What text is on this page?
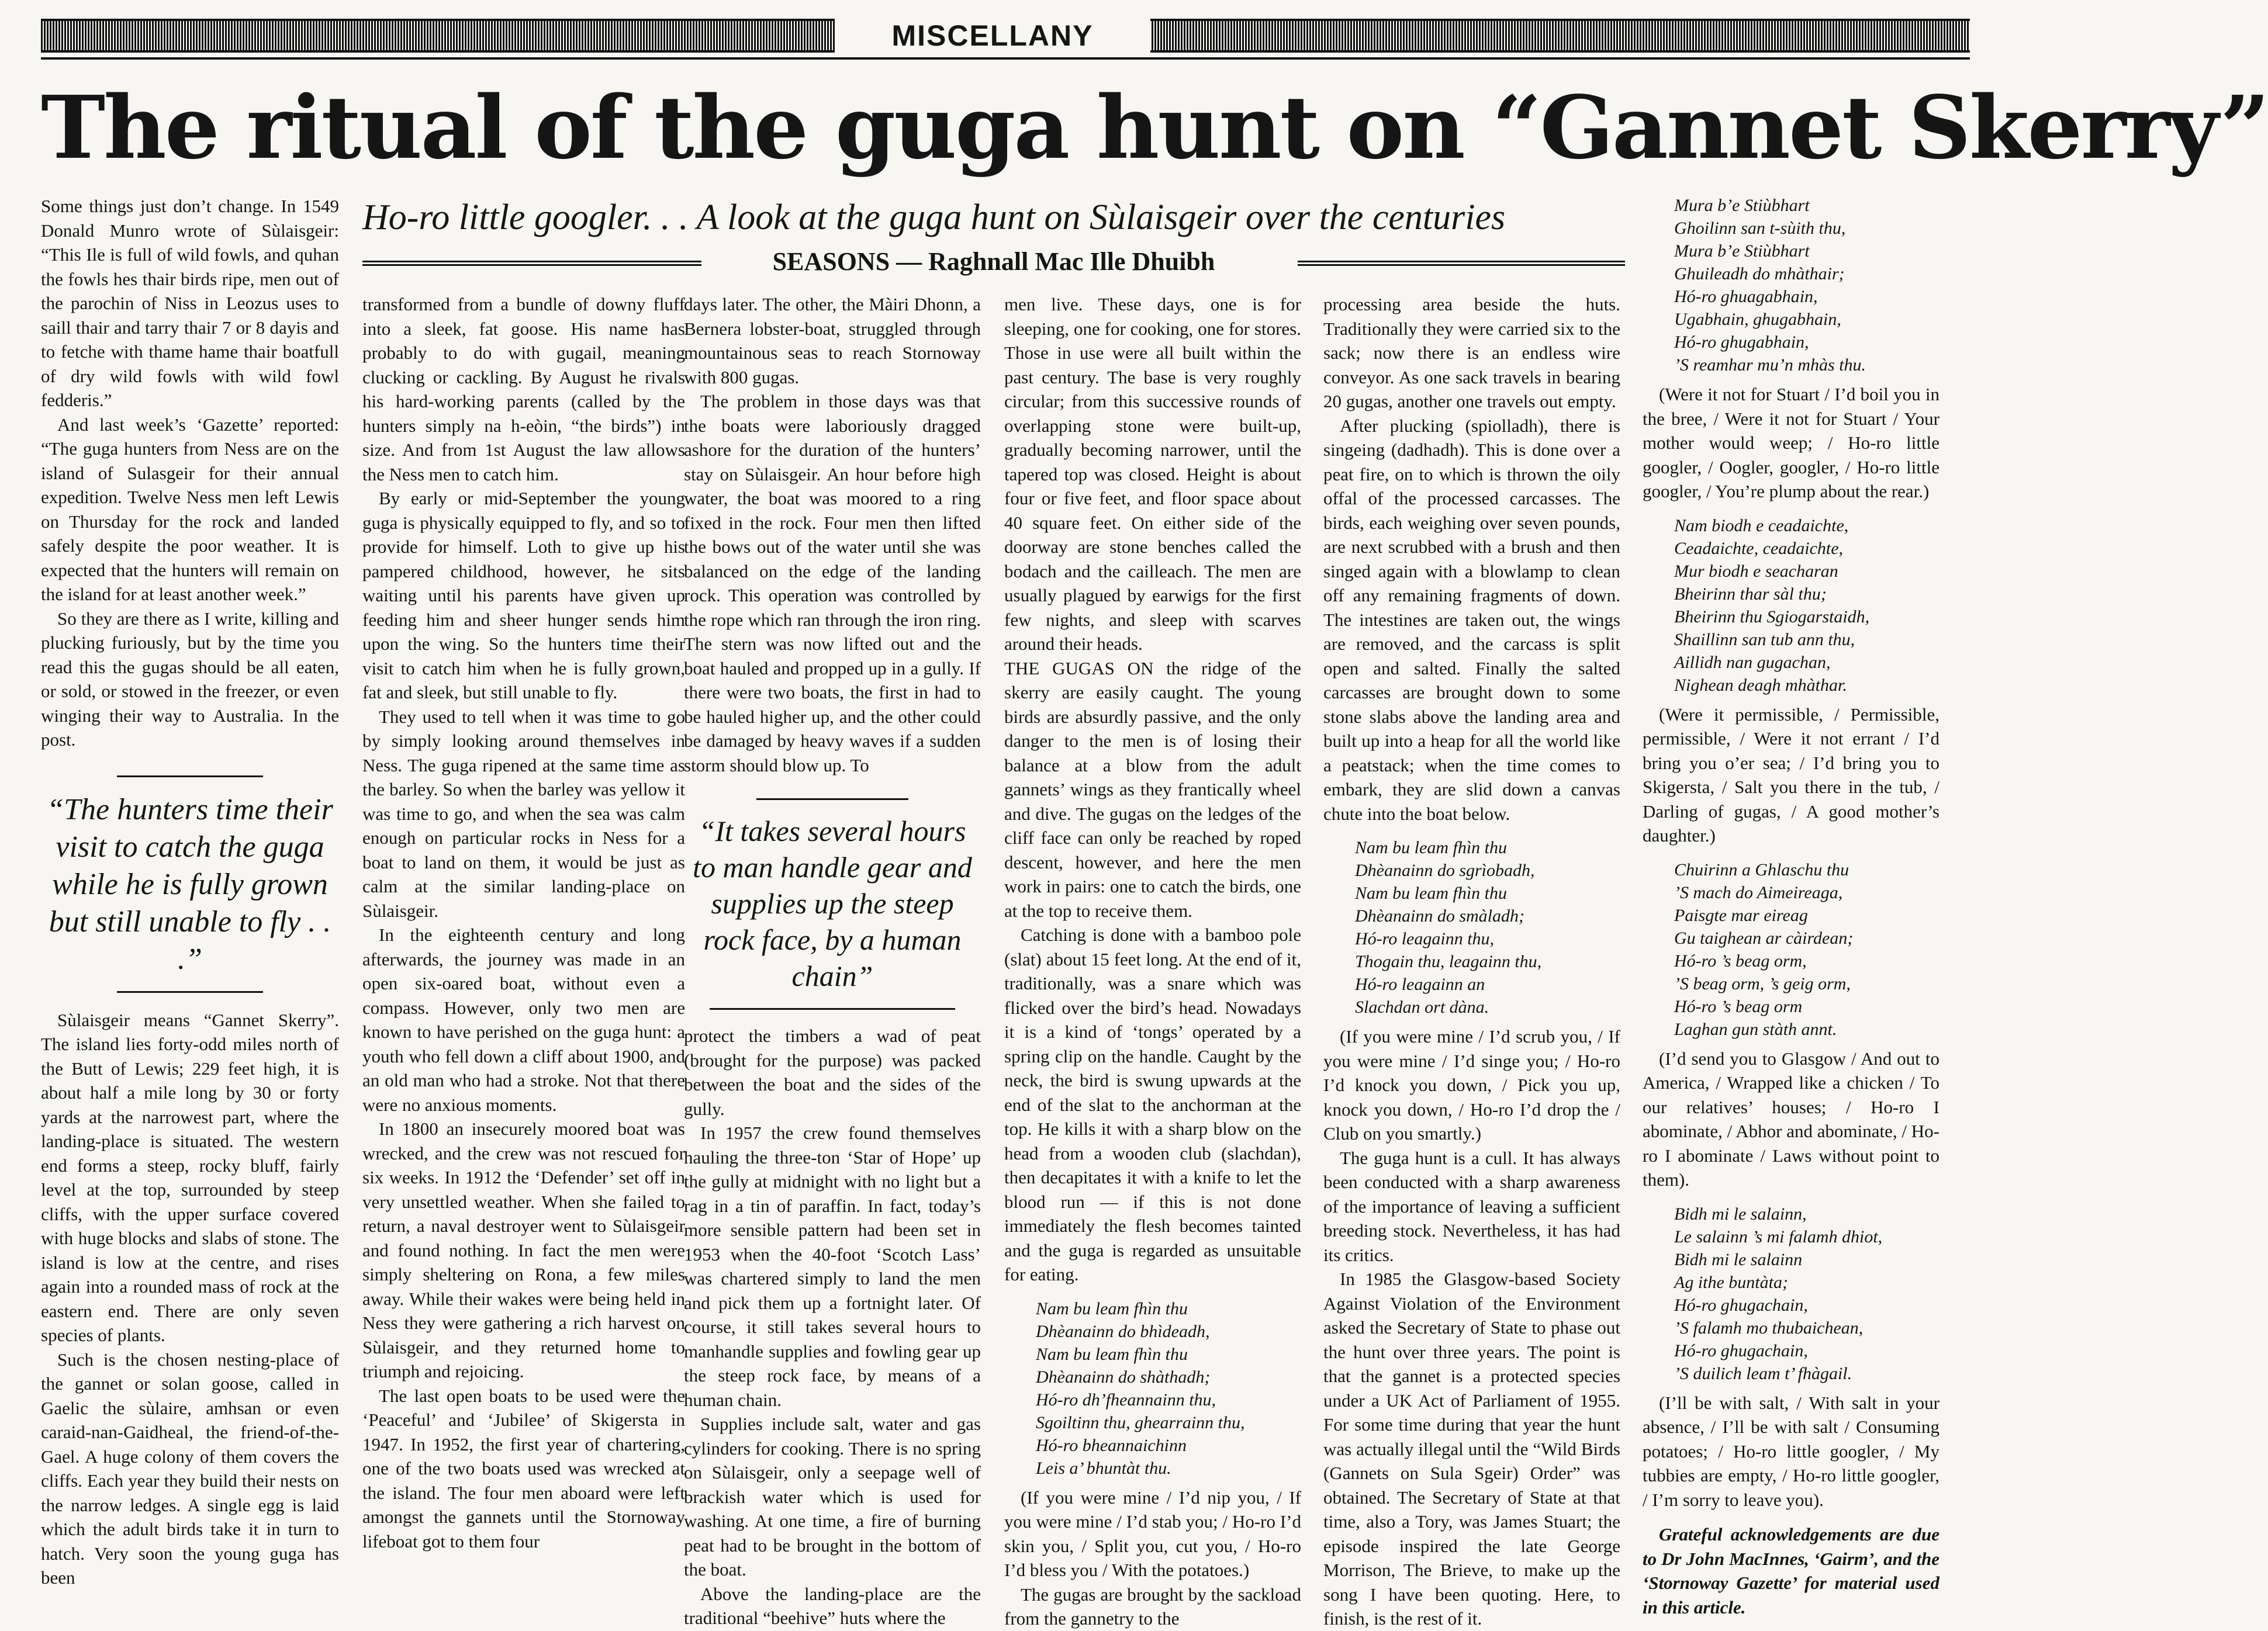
MISCELLANY
The ritual of the guga hunt on “Gannet Skerry”
Ho-ro little googler. . . A look at the guga hunt on Sùlaisgeir over the centuries
SEASONS — Raghnall Mac Ille Dhuibh

Some things just don’t change. In 1549 Donald Munro wrote of Sùlaisgeir: “This Ile is full of wild fowls, and quhan the fowls hes thair birds ripe, men out of the parochin of Niss in Leozus uses to saill thair and tarry thair 7 or 8 dayis and to fetche with thame hame thair boatfull of dry wild fowls with wild fowl fedderis.”

And last week’s ‘Gazette’ reported: “The guga hunters from Ness are on the island of Sulasgeir for their annual expedition. Twelve Ness men left Lewis on Thursday for the rock and landed safely despite the poor weather. It is expected that the hunters will remain on the island for at least another week.”

So they are there as I write, killing and plucking furiously, but by the time you read this the gugas should be all eaten, or sold, or stowed in the freezer, or even winging their way to Australia. In the post.

“The hunters time their visit to catch the guga while he is fully grown but still unable to fly . . .”

Sùlaisgeir means “Gannet Skerry”. The island lies forty-odd miles north of the Butt of Lewis; 229 feet high, it is about half a mile long by 30 or forty yards at the narrowest part, where the landing-place is situated. The western end forms a steep, rocky bluff, fairly level at the top, surrounded by steep cliffs, with the upper surface covered with huge blocks and slabs of stone. The island is low at the centre, and rises again into a rounded mass of rock at the eastern end. There are only seven species of plants.

Such is the chosen nesting-place of the gannet or solan goose, called in Gaelic the sùlaire, amhsan or even caraid-nan-Gaidheal, the friend-of-the-Gael. A huge colony of them covers the cliffs. Each year they build their nests on the narrow ledges. A single egg is laid which the adult birds take it in turn to hatch. Very soon the young guga has been

transformed from a bundle of downy fluff into a sleek, fat goose. His name has probably to do with gugail, meaning clucking or cackling. By August he rivals his hard-working parents (called by the hunters simply na h-eòin, “the birds”) in size. And from 1st August the law allows the Ness men to catch him.

By early or mid-September the young guga is physically equipped to fly, and so to provide for himself. Loth to give up his pampered childhood, however, he sits waiting until his parents have given up feeding him and sheer hunger sends him upon the wing. So the hunters time their visit to catch him when he is fully grown, fat and sleek, but still unable to fly.

They used to tell when it was time to go by simply looking around themselves in Ness. The guga ripened at the same time as the barley. So when the barley was yellow it was time to go, and when the sea was calm enough on particular rocks in Ness for a boat to land on them, it would be just as calm at the similar landing-place on Sùlaisgeir.

In the eighteenth century and long afterwards, the journey was made in an open six-oared boat, without even a compass. However, only two men are known to have perished on the guga hunt: a youth who fell down a cliff about 1900, and an old man who had a stroke. Not that there were no anxious moments.

In 1800 an insecurely moored boat was wrecked, and the crew was not rescued for six weeks. In 1912 the ‘Defender’ set off in very unsettled weather. When she failed to return, a naval destroyer went to Sùlaisgeir and found nothing. In fact the men were simply sheltering on Rona, a few miles away. While their wakes were being held in Ness they were gathering a rich harvest on Sùlaisgeir, and they returned home to triumph and rejoicing.

The last open boats to be used were the ‘Peaceful’ and ‘Jubilee’ of Skigersta in 1947. In 1952, the first year of chartering, one of the two boats used was wrecked at the island. The four men aboard were left amongst the gannets until the Stornoway lifeboat got to them four

days later. The other, the Màiri Dhonn, a Bernera lobster-boat, struggled through mountainous seas to reach Stornoway with 800 gugas.

The problem in those days was that the boats were laboriously dragged ashore for the duration of the hunters’ stay on Sùlaisgeir. An hour before high water, the boat was moored to a ring fixed in the rock. Four men then lifted the bows out of the water until she was balanced on the edge of the landing rock. This operation was controlled by the rope which ran through the iron ring. The stern was now lifted out and the boat hauled and propped up in a gully. If there were two boats, the first in had to be hauled higher up, and the other could be damaged by heavy waves if a sudden storm should blow up. To

“It takes several hours to man handle gear and supplies up the steep rock face, by a human chain”

protect the timbers a wad of peat (brought for the purpose) was packed between the boat and the sides of the gully.

In 1957 the crew found themselves hauling the three-ton ‘Star of Hope’ up the gully at midnight with no light but a rag in a tin of paraffin. In fact, today’s more sensible pattern had been set in 1953 when the 40-foot ‘Scotch Lass’ was chartered simply to land the men and pick them up a fortnight later. Of course, it still takes several hours to manhandle supplies and fowling gear up the steep rock face, by means of a human chain.

Supplies include salt, water and gas cylinders for cooking. There is no spring on Sùlaisgeir, only a seepage well of brackish water which is used for washing. At one time, a fire of burning peat had to be brought in the bottom of the boat.

Above the landing-place are the traditional “beehive” huts where the

men live. These days, one is for sleeping, one for cooking, one for stores. Those in use were all built within the past century. The base is very roughly circular; from this successive rounds of overlapping stone were built-up, gradually becoming narrower, until the tapered top was closed. Height is about four or five feet, and floor space about 40 square feet. On either side of the doorway are stone benches called the bodach and the cailleach. The men are usually plagued by earwigs for the first few nights, and sleep with scarves around their heads.

THE GUGAS ON the ridge of the skerry are easily caught. The young birds are absurdly passive, and the only danger to the men is of losing their balance at a blow from the adult gannets’ wings as they frantically wheel and dive. The gugas on the ledges of the cliff face can only be reached by roped descent, however, and here the men work in pairs: one to catch the birds, one at the top to receive them.

Catching is done with a bamboo pole (slat) about 15 feet long. At the end of it, traditionally, was a snare which was flicked over the bird’s head. Nowadays it is a kind of ‘tongs’ operated by a spring clip on the handle. Caught by the neck, the bird is swung upwards at the end of the slat to the anchorman at the top. He kills it with a sharp blow on the head from a wooden club (slachdan), then decapitates it with a knife to let the blood run — if this is not done immediately the flesh becomes tainted and the guga is regarded as unsuitable for eating.

Nam bu leam fhìn thu
Dhèanainn do bhìdeadh,
Nam bu leam fhìn thu
Dhèanainn do shàthadh;
Hó-ro dh’fheannainn thu,
Sgoiltinn thu, ghearrainn thu,
Hó-ro bheannaichinn
Leis a’ bhuntàt thu.

(If you were mine / I’d nip you, / If you were mine / I’d stab you; / Ho-ro I’d skin you, / Split you, cut you, / Ho-ro I’d bless you / With the potatoes.)

The gugas are brought by the sackload from the gannetry to the

processing area beside the huts. Traditionally they were carried six to the sack; now there is an endless wire conveyor. As one sack travels in bearing 20 gugas, another one travels out empty.

After plucking (spiolladh), there is singeing (dadhadh). This is done over a peat fire, on to which is thrown the oily offal of the processed carcasses. The birds, each weighing over seven pounds, are next scrubbed with a brush and then singed again with a blowlamp to clean off any remaining fragments of down. The intestines are taken out, the wings are removed, and the carcass is split open and salted. Finally the salted carcasses are brought down to some stone slabs above the landing area and built up into a heap for all the world like a peatstack; when the time comes to embark, they are slid down a canvas chute into the boat below.

Nam bu leam fhìn thu
Dhèanainn do sgrìobadh,
Nam bu leam fhìn thu
Dhèanainn do smàladh;
Hó-ro leagainn thu,
Thogain thu, leagainn thu,
Hó-ro leagainn an
Slachdan ort dàna.

(If you were mine / I’d scrub you, / If you were mine / I’d singe you; / Ho-ro I’d knock you down, / Pick you up, knock you down, / Ho-ro I’d drop the / Club on you smartly.)

The guga hunt is a cull. It has always been conducted with a sharp awareness of the importance of leaving a sufficient breeding stock. Nevertheless, it has had its critics.

In 1985 the Glasgow-based Society Against Violation of the Environment asked the Secretary of State to phase out the hunt over three years. The point is that the gannet is a protected species under a UK Act of Parliament of 1955. For some time during that year the hunt was actually illegal until the “Wild Birds (Gannets on Sula Sgeir) Order” was obtained. The Secretary of State at that time, also a Tory, was James Stuart; the episode inspired the late George Morrison, The Brieve, to make up the song I have been quoting. Here, to finish, is the rest of it.

Mura b’e Stiùbhart
Ghoilinn san t-sùith thu,
Mura b’e Stiùbhart
Ghuileadh do mhàthair;
Hó-ro ghuagabhain,
Ugabhain, ghugabhain,
Hó-ro ghugabhain,
’S reamhar mu’n mhàs thu.

(Were it not for Stuart / I’d boil you in the bree, / Were it not for Stuart / Your mother would weep; / Ho-ro little googler, / Oogler, googler, / Ho-ro little googler, / You’re plump about the rear.)

Nam biodh e ceadaichte,
Ceadaichte, ceadaichte,
Mur biodh e seacharan
Bheirinn thar sàl thu;
Bheirinn thu Sgiogarstaidh,
Shaillinn san tub ann thu,
Aillidh nan gugachan,
Nighean deagh mhàthar.

(Were it permissible, / Permissible, permissible, / Were it not errant / I’d bring you o’er sea; / I’d bring you to Skigersta, / Salt you there in the tub, / Darling of gugas, / A good mother’s daughter.)

Chuirinn a Ghlaschu thu
’S mach do Aimeireaga,
Paisgte mar eireag
Gu taighean ar càirdean;
Hó-ro ’s beag orm,
’S beag orm, ’s geig orm,
Hó-ro ’s beag orm
Laghan gun stàth annt.

(I’d send you to Glasgow / And out to America, / Wrapped like a chicken / To our relatives’ houses; / Ho-ro I abominate, / Abhor and abominate, / Ho-ro I abominate / Laws without point to them).

Bidh mi le salainn,
Le salainn ’s mi falamh dhiot,
Bidh mi le salainn
Ag ithe buntàta;
Hó-ro ghugachain,
’S falamh mo thubaichean,
Hó-ro ghugachain,
’S duilich leam t’ fhàgail.

(I’ll be with salt, / With salt in your absence, / I’ll be with salt / Consuming potatoes; / Ho-ro little googler, / My tubbies are empty, / Ho-ro little googler, / I’m sorry to leave you).

Grateful acknowledgements are due to Dr John MacInnes, ‘Gairm’, and the ‘Stornoway Gazette’ for material used in this article.
